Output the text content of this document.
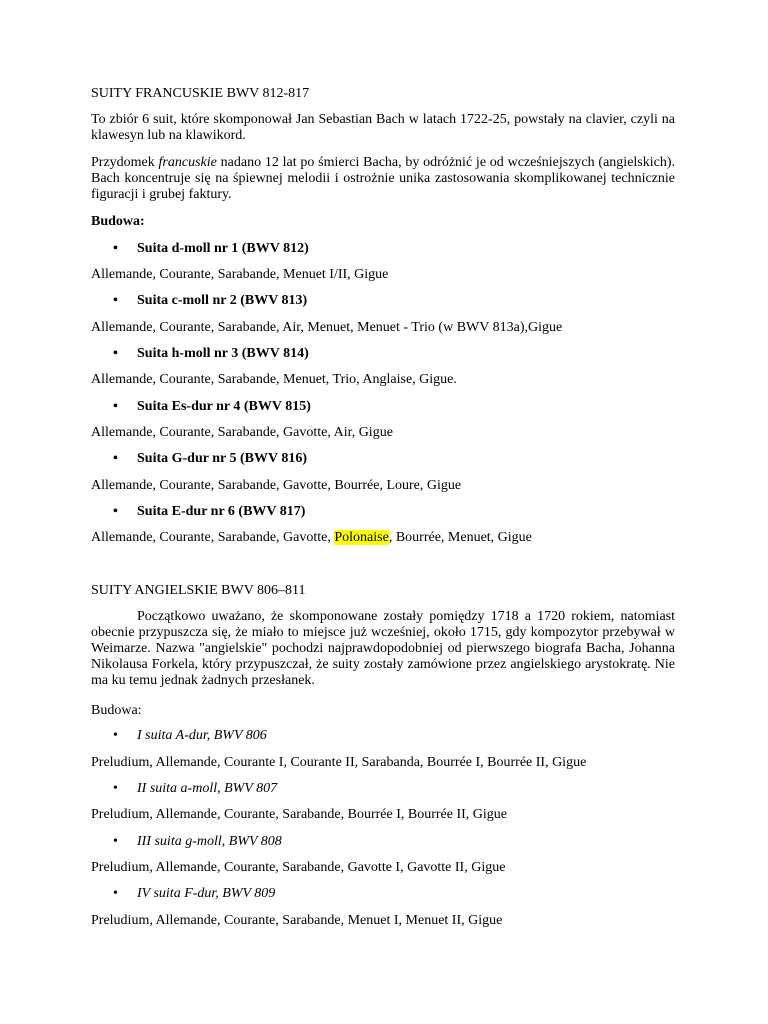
SUITY FRANCUSKIE BWV 812-817
To zbiór 6 suit, które skomponował Jan Sebastian Bach w latach 1722-25, powstały na clavier, czyli na klawesyn lub na klawikord.
Przydomek francuskie nadano 12 lat po śmierci Bacha, by odróżnić je od wcześniejszych (angielskich). Bach koncentruje się na śpiewnej melodii i ostrożnie unika zastosowania skomplikowanej technicznie figuracji i grubej faktury.
Budowa:
• Suita d-moll nr 1 (BWV 812)
Allemande, Courante, Sarabande, Menuet I/II, Gigue
• Suita c-moll nr 2 (BWV 813)
Allemande, Courante, Sarabande, Air, Menuet, Menuet - Trio (w BWV 813a),Gigue
• Suita h-moll nr 3 (BWV 814)
Allemande, Courante, Sarabande, Menuet, Trio, Anglaise, Gigue.
• Suita Es-dur nr 4 (BWV 815)
Allemande, Courante, Sarabande, Gavotte, Air, Gigue
• Suita G-dur nr 5 (BWV 816)
Allemande, Courante, Sarabande, Gavotte, Bourrée, Loure, Gigue
• Suita E-dur nr 6 (BWV 817)
Allemande, Courante, Sarabande, Gavotte, Polonaise, Bourrée, Menuet, Gigue
SUITY ANGIELSKIE BWV 806–811
Początkowo uważano, że skomponowane zostały pomiędzy 1718 a 1720 rokiem, natomiast obecnie przypuszcza się, że miało to miejsce już wcześniej, około 1715, gdy kompozytor przebywał w Weimarze. Nazwa "angielskie" pochodzi najprawdopodobniej od pierwszego biografa Bacha, Johanna Nikolausa Forkela, który przypuszczał, że suity zostały zamówione przez angielskiego arystokratę. Nie ma ku temu jednak żadnych przesłanek.
Budowa:
• I suita A-dur, BWV 806
Preludium, Allemande, Courante I, Courante II, Sarabanda, Bourrée I, Bourrée II, Gigue
• II suita a-moll, BWV 807
Preludium, Allemande, Courante, Sarabande, Bourrée I, Bourrée II, Gigue
• III suita g-moll, BWV 808
Preludium, Allemande, Courante, Sarabande, Gavotte I, Gavotte II, Gigue
• IV suita F-dur, BWV 809
Preludium, Allemande, Courante, Sarabande, Menuet I, Menuet II, Gigue
